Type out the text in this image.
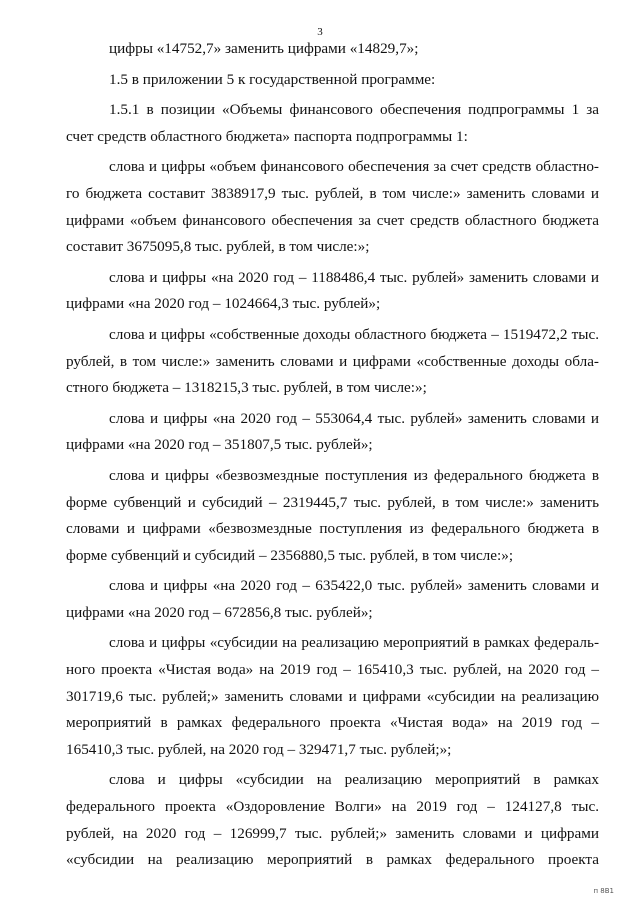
3

цифры «14752,7» заменить цифрами «14829,7»;

1.5 в приложении 5 к государственной программе:

1.5.1 в позиции «Объемы финансового обеспечения подпрограммы 1 за
счет средств областного бюджета» паспорта подпрограммы 1:

слова и цифры «объем финансового обеспечения за счет средств областно-
го бюджета составит 3838917,9 тыс. рублей, в том числе:» заменить словами и
цифрами «объем финансового обеспечения за счет средств областного бюджета
составит 3675095,8 тыс. рублей, в том числе:»;

слова и цифры «на 2020 год – 1188486,4 тыс. рублей» заменить словами и
цифрами «на 2020 год – 1024664,3 тыс. рублей»;

слова и цифры «собственные доходы областного бюджета – 1519472,2 тыс.
рублей, в том числе:» заменить словами и цифрами «собственные доходы обла-
стного бюджета – 1318215,3 тыс. рублей, в том числе:»;

слова и цифры «на 2020 год – 553064,4 тыс. рублей» заменить словами и
цифрами «на 2020 год – 351807,5 тыс. рублей»;

слова и цифры «безвозмездные поступления из федерального бюджета в
форме субвенций и субсидий – 2319445,7 тыс. рублей, в том числе:» заменить
словами и цифрами «безвозмездные поступления из федерального бюджета в
форме субвенций и субсидий – 2356880,5 тыс. рублей, в том числе:»;

слова и цифры «на 2020 год – 635422,0 тыс. рублей» заменить словами и
цифрами «на 2020 год – 672856,8 тыс. рублей»;

слова и цифры «субсидии на реализацию мероприятий в рамках федераль-
ного проекта «Чистая вода» на 2019 год – 165410,3 тыс. рублей, на 2020 год –
301719,6 тыс. рублей;» заменить словами и цифрами «субсидии на реализацию
мероприятий в рамках федерального проекта «Чистая вода» на 2019 год –
165410,3 тыс. рублей, на 2020 год – 329471,7 тыс. рублей;»;

слова и цифры «субсидии на реализацию мероприятий в рамках
федерального проекта «Оздоровление Волги» на 2019 год – 124127,8 тыс.
рублей, на 2020 год – 126999,7 тыс. рублей;» заменить словами и цифрами
«субсидии на реализацию мероприятий в рамках федерального проекта

п 8В1
